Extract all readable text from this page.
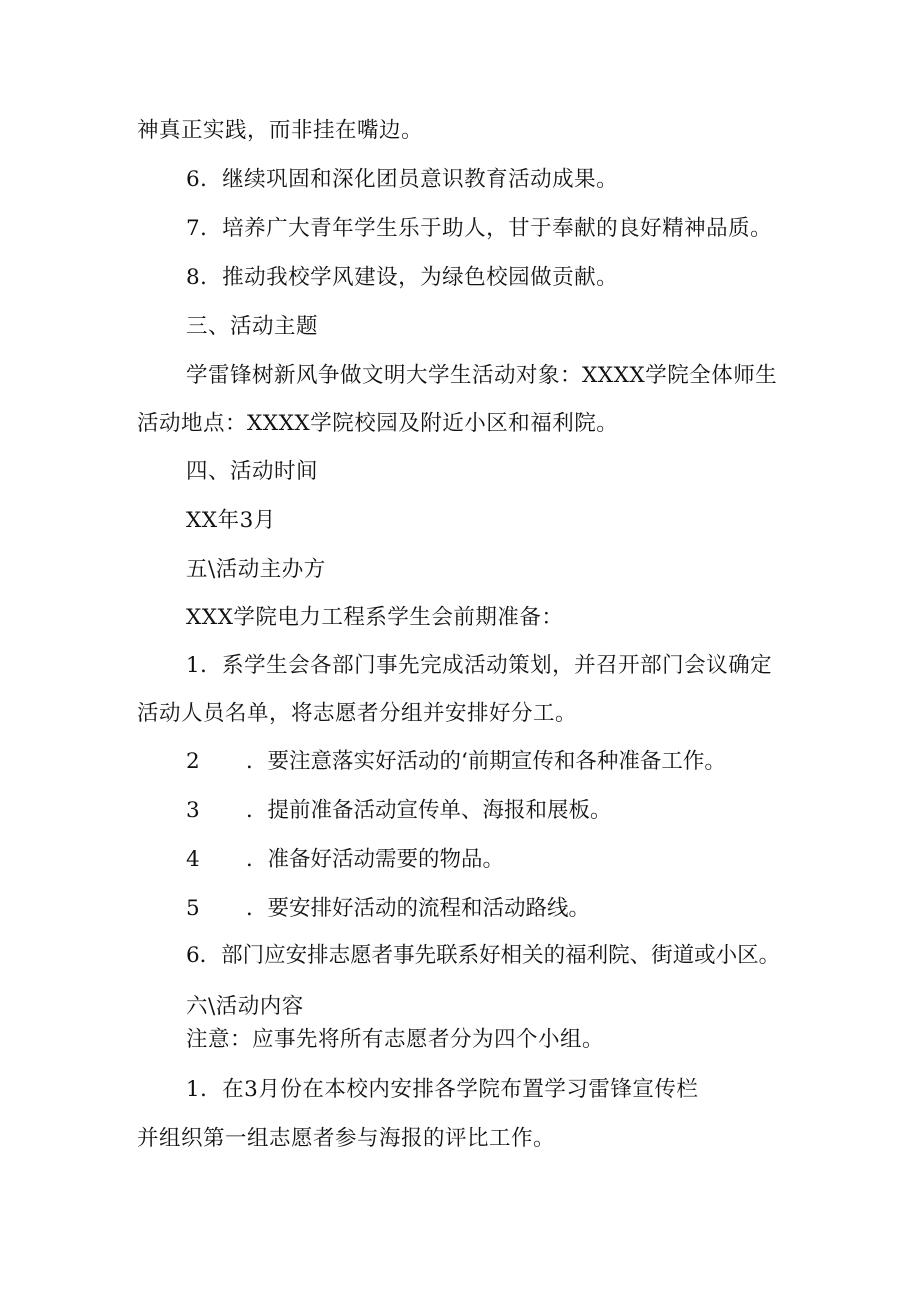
神真正实践，而非挂在嘴边。
6．继续巩固和深化团员意识教育活动成果。
7．培养广大青年学生乐于助人，甘于奉献的良好精神品质。
8．推动我校学风建设，为绿色校园做贡献。
三、活动主题
学雷锋树新风争做文明大学生活动对象：XXXX学院全体师生
活动地点：XXXX学院校园及附近小区和福利院。
四、活动时间
XX年3月
五\活动主办方
XXX学院电力工程系学生会前期准备：
1．系学生会各部门事先完成活动策划，并召开部门会议确定
活动人员名单，将志愿者分组并安排好分工。
2 ．要注意落实好活动的‘前期宣传和各种准备工作。
3 ．提前准备活动宣传单、海报和展板。
4 ．准备好活动需要的物品。
5 ．要安排好活动的流程和活动路线。
6．部门应安排志愿者事先联系好相关的福利院、街道或小区。
六\活动内容
注意：应事先将所有志愿者分为四个小组。
1．在3月份在本校内安排各学院布置学习雷锋宣传栏
并组织第一组志愿者参与海报的评比工作。
